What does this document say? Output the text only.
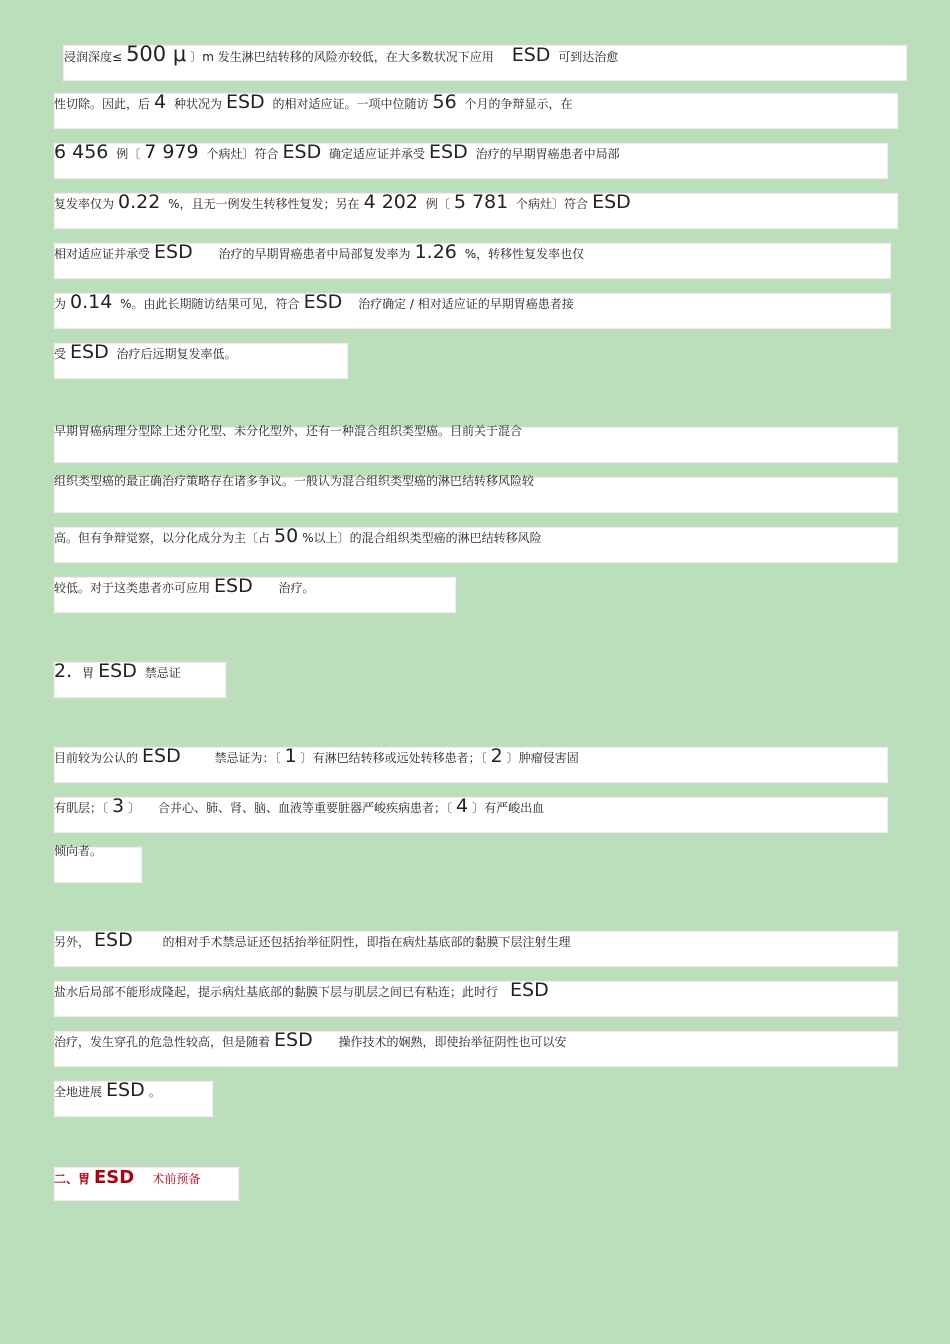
浸润深度≤ 500 μ 〕m 发生淋巴结转移的风险亦较低，在大多数状况下应用 ESD 可到达治愈
性切除。因此，后 4 种状况为 ESD 的相对适应证。一项中位随访 56 个月的争辩显示，在
6 456 例〔 7 979 个病灶〕符合 ESD 确定适应证并承受 ESD 治疗的早期胃癌患者中局部
复发率仅为 0.22 %，且无一例发生转移性复发；另在 4 202 例〔 5 781 个病灶〕符合 ESD
相对适应证并承受 ESD 治疗的早期胃癌患者中局部复发率为 1.26 %，转移性复发率也仅
为 0.14 %。由此长期随访结果可见，符合 ESD 治疗确定 / 相对适应证的早期胃癌患者接
受 ESD 治疗后远期复发率低。
早期胃癌病理分型除上述分化型、未分化型外，还有一种混合组织类型癌。目前关于混合
组织类型癌的最正确治疗策略存在诸多争议。一般认为混合组织类型癌的淋巴结转移风险较
高。但有争辩觉察，以分化成分为主〔占 50 %以上〕的混合组织类型癌的淋巴结转移风险
较低。对于这类患者亦可应用 ESD 治疗。
2. 胃 ESD 禁忌证
目前较为公认的 ESD	禁忌证为：〔 1 〕有淋巴结转移或远处转移患者；〔 2 〕肿瘤侵害固
有肌层；〔 3 〕 合并心、肺、肾、脑、血液等重要脏器严峻疾病患者；〔 4 〕有严峻出血
倾向者。
另外， ESD 的相对手术禁忌证还包括抬举征阴性，即指在病灶基底部的黏膜下层注射生理
盐水后局部不能形成隆起，提示病灶基底部的黏膜下层与肌层之间已有粘连；此时行 ESD
治疗，发生穿孔的危急性较高，但是随着 ESD 操作技术的娴熟，即使抬举征阴性也可以安
全地进展 ESD 。
二、胃 ESD 术前预备
